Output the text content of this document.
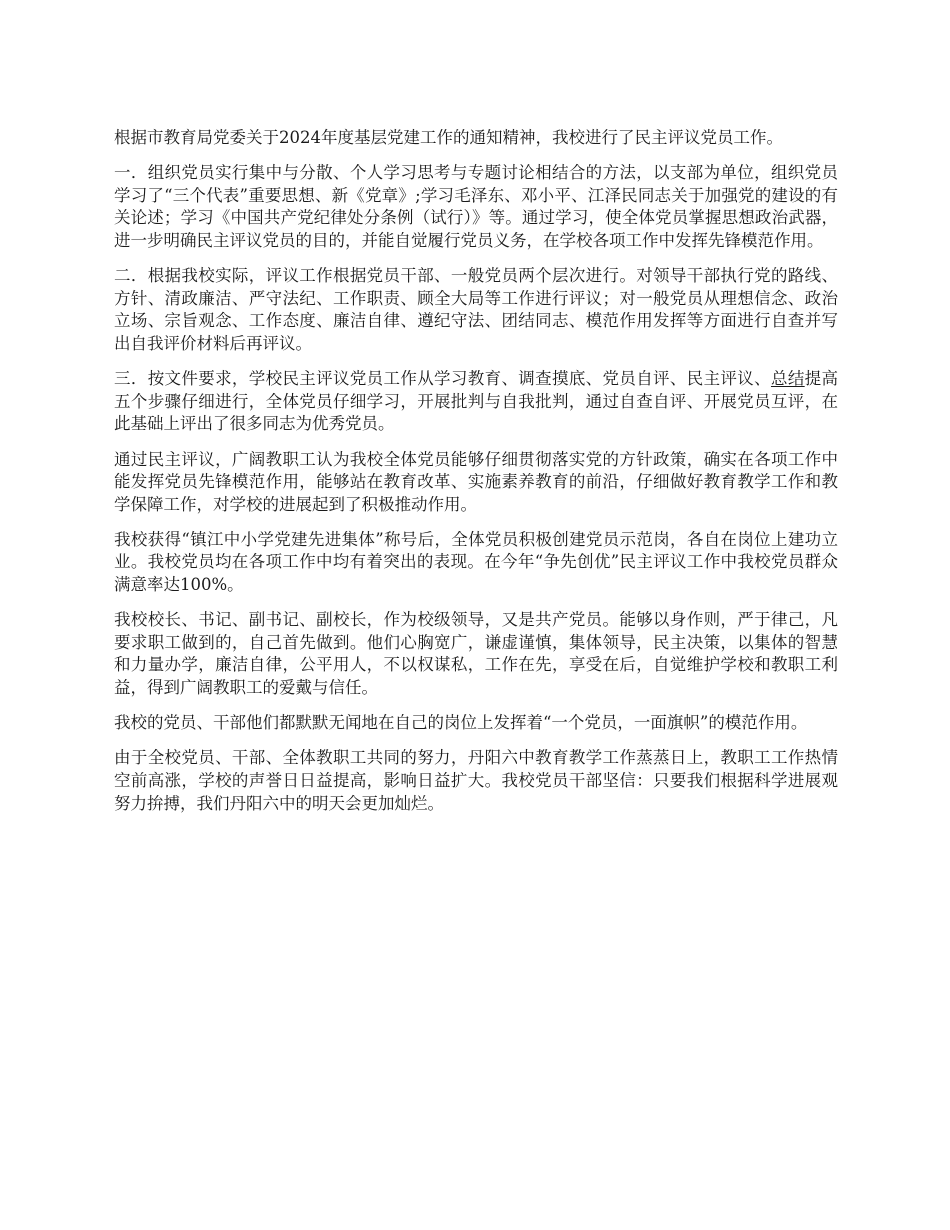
根据市教育局党委关于2024年度基层党建工作的通知精神，我校进行了民主评议党员工作。

一．组织党员实行集中与分散、个人学习思考与专题讨论相结合的方法，以支部为单位，组织党员学习了“三个代表”重要思想、新《党章》;学习毛泽东、邓小平、江泽民同志关于加强党的建设的有关论述；学习《中国共产党纪律处分条例（试行）》等。通过学习，使全体党员掌握思想政治武器，进一步明确民主评议党员的目的，并能自觉履行党员义务，在学校各项工作中发挥先锋模范作用。

二．根据我校实际，评议工作根据党员干部、一般党员两个层次进行。对领导干部执行党的路线、方针、清政廉洁、严守法纪、工作职责、顾全大局等工作进行评议；对一般党员从理想信念、政治立场、宗旨观念、工作态度、廉洁自律、遵纪守法、团结同志、模范作用发挥等方面进行自查并写出自我评价材料后再评议。

三．按文件要求，学校民主评议党员工作从学习教育、调查摸底、党员自评、民主评议、总结提高五个步骤仔细进行，全体党员仔细学习，开展批判与自我批判，通过自查自评、开展党员互评，在此基础上评出了很多同志为优秀党员。

通过民主评议，广阔教职工认为我校全体党员能够仔细贯彻落实党的方针政策，确实在各项工作中能发挥党员先锋模范作用，能够站在教育改革、实施素养教育的前沿，仔细做好教育教学工作和教学保障工作，对学校的进展起到了积极推动作用。

我校获得“镇江中小学党建先进集体”称号后，全体党员积极创建党员示范岗，各自在岗位上建功立业。我校党员均在各项工作中均有着突出的表现。在今年“争先创优”民主评议工作中我校党员群众满意率达100%。

我校校长、书记、副书记、副校长，作为校级领导，又是共产党员。能够以身作则，严于律己，凡要求职工做到的，自己首先做到。他们心胸宽广，谦虚谨慎，集体领导，民主决策，以集体的智慧和力量办学，廉洁自律，公平用人，不以权谋私，工作在先，享受在后，自觉维护学校和教职工利益，得到广阔教职工的爱戴与信任。

我校的党员、干部他们都默默无闻地在自己的岗位上发挥着“一个党员，一面旗帜”的模范作用。

由于全校党员、干部、全体教职工共同的努力，丹阳六中教育教学工作蒸蒸日上，教职工工作热情空前高涨，学校的声誉日日益提高，影响日益扩大。我校党员干部坚信：只要我们根据科学进展观努力拚搏，我们丹阳六中的明天会更加灿烂。
